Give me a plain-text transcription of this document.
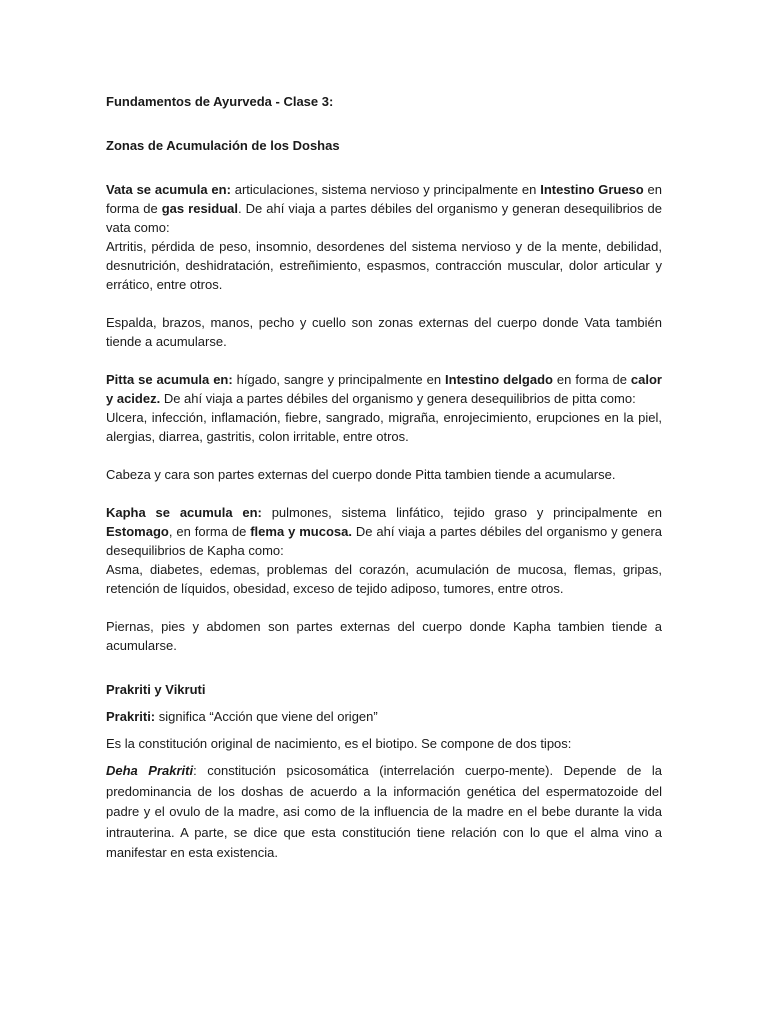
Fundamentos de Ayurveda - Clase 3:

Zonas de Acumulación de los Doshas

Vata se acumula en: articulaciones, sistema nervioso y principalmente en Intestino Grueso en forma de gas residual. De ahí viaja a partes débiles del organismo y generan desequilibrios de vata como:

Artritis, pérdida de peso, insomnio, desordenes del sistema nervioso y de la mente, debilidad, desnutrición, deshidratación, estreñimiento, espasmos, contracción muscular, dolor articular y errático, entre otros.

Espalda, brazos, manos, pecho y cuello son zonas externas del cuerpo donde Vata también tiende a acumularse.

Pitta se acumula en: hígado, sangre y principalmente en Intestino delgado en forma de calor y acidez. De ahí viaja a partes débiles del organismo y genera desequilibrios de pitta como:

Ulcera, infección, inflamación, fiebre, sangrado, migraña, enrojecimiento, erupciones en la piel, alergias, diarrea, gastritis, colon irritable, entre otros.

Cabeza y cara son partes externas del cuerpo donde Pitta tambien tiende a acumularse.

Kapha se acumula en: pulmones, sistema linfático, tejido graso y principalmente en Estomago, en forma de flema y mucosa. De ahí viaja a partes débiles del organismo y genera desequilibrios de Kapha como:

Asma, diabetes, edemas, problemas del corazón, acumulación de mucosa, flemas, gripas, retención de líquidos, obesidad, exceso de tejido adiposo, tumores, entre otros.

Piernas, pies y abdomen son partes externas del cuerpo donde Kapha tambien tiende a acumularse.

Prakriti y Vikruti

Prakriti: significa “Acción que viene del origen”

Es la constitución original de nacimiento, es el biotipo. Se compone de dos tipos:

Deha Prakriti: constitución psicosomática (interrelación cuerpo-mente). Depende de la predominancia de los doshas de acuerdo a la información genética del espermatozoide del padre y el ovulo de la madre, asi como de la influencia de la madre en el bebe durante la vida intrauterina. A parte, se dice que esta constitución tiene relación con lo que el alma vino a manifestar en esta existencia.
